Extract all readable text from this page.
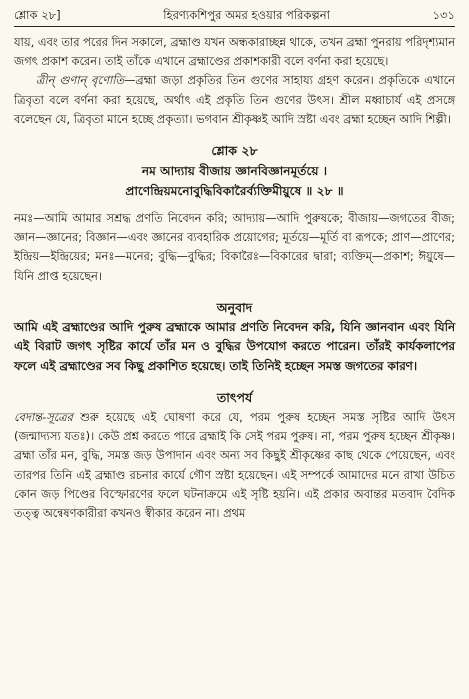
শ্লোক ২৮]	হিরণ্যকশিপুর অমর হওয়ার পরিকল্পনা	১৩১

যায়, এবং তার পরের দিন সকালে, ব্রহ্মাণ্ড যখন অন্ধকারাচ্ছন্ন থাকে, তখন ব্রহ্মা পুনরায় পরিদৃশ্যমান জগৎ প্রকাশ করেন। তাই তাঁকে এখানে ব্রহ্মাণ্ডের প্রকাশকারী বলে বর্ণনা করা হয়েছে।

ত্রীন্ গুণান্ বৃণোতি—ব্রহ্মা জড়া প্রকৃতির তিন গুণের সাহায্য গ্রহণ করেন। প্রকৃতিকে এখানে ত্রিবৃতা বলে বর্ণনা করা হয়েছে, অর্থাৎ এই প্রকৃতি তিন গুণের উৎস। শ্রীল মধ্বাচার্য এই প্রসঙ্গে বলেছেন যে, ত্রিবৃতা মানে হচ্ছে প্রকৃত্যা। ভগবান শ্রীকৃষ্ণই আদি স্রষ্টা এবং ব্রহ্মা হচ্ছেন আদি শিল্পী।

শ্লোক ২৮
নম আদ্যায় বীজায় জ্ঞানবিজ্ঞানমূর্তয়ে ।
প্রাণেন্দ্রিয়মনোবুদ্ধিবিকারৈর্ব্যক্তিমীয়ুষে ॥ ২৮ ॥

নমঃ—আমি আমার সশ্রদ্ধ প্রণতি নিবেদন করি; আদ্যায়—আদি পুরুষকে; বীজায়—জগতের বীজ; জ্ঞান—জ্ঞানের; বিজ্ঞান—এবং জ্ঞানের ব্যবহারিক প্রয়োগের; মূর্তয়ে—মূর্তি বা রূপকে; প্রাণ—প্রাণের; ইন্দ্রিয়—ইন্দ্রিয়ের; মনঃ—মনের; বুদ্ধি—বুদ্ধির; বিকারৈঃ—বিকারের দ্বারা; ব্যক্তিম্—প্রকাশ; ঈয়ুষে—যিনি প্রাপ্ত হয়েছেন।

অনুবাদ

আমি এই ব্রহ্মাণ্ডের আদি পুরুষ ব্রহ্মাকে আমার প্রণতি নিবেদন করি, যিনি জ্ঞানবান এবং যিনি এই বিরাট জগৎ সৃষ্টির কার্যে তাঁর মন ও বুদ্ধির উপযোগ করতে পারেন। তাঁরই কার্যকলাপের ফলে এই ব্রহ্মাণ্ডের সব কিছু প্রকাশিত হয়েছে। তাই তিনিই হচ্ছেন সমস্ত জগতের কারণ।

তাৎপর্য

বেদান্ত-সূত্রের শুরু হয়েছে এই ঘোষণা করে যে, পরম পুরুষ হচ্ছেন সমস্ত সৃষ্টির আদি উৎস (জন্মাদ্যস্য যতঃ)। কেউ প্রশ্ন করতে পারে ব্রহ্মাই কি সেই পরম পুরুষ। না, পরম পুরুষ হচ্ছেন শ্রীকৃষ্ণ। ব্রহ্মা তাঁর মন, বুদ্ধি, সমস্ত জড় উপাদান এবং অন্য সব কিছুই শ্রীকৃষ্ণের কাছ থেকে পেয়েছেন, এবং তারপর তিনি এই ব্রহ্মাণ্ড রচনার কার্যে গৌণ স্রষ্টা হয়েছেন। এই সম্পর্কে আমাদের মনে রাখা উচিত কোন জড় পিণ্ডের বিস্ফোরণের ফলে ঘটনাক্রমে এই সৃষ্টি হয়নি। এই প্রকার অবান্তর মতবাদ বৈদিক তত্ত্ব অন্বেষণকারীরা কখনও স্বীকার করেন না। প্রথম
